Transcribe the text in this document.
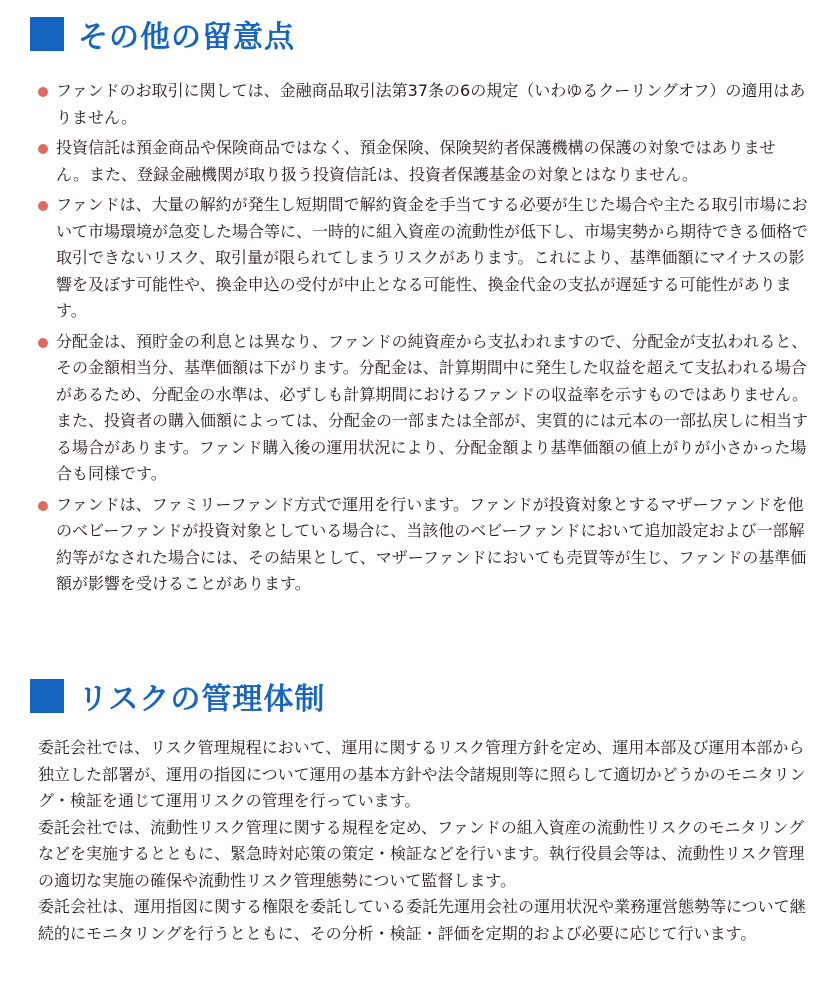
その他の留意点
ファンドのお取引に関しては、金融商品取引法第37条の6の規定（いわゆるクーリングオフ）の適用はありません。
投資信託は預金商品や保険商品ではなく、預金保険、保険契約者保護機構の保護の対象ではありません。また、登録金融機関が取り扱う投資信託は、投資者保護基金の対象とはなりません。
ファンドは、大量の解約が発生し短期間で解約資金を手当てする必要が生じた場合や主たる取引市場において市場環境が急変した場合等に、一時的に組入資産の流動性が低下し、市場実勢から期待できる価格で取引できないリスク、取引量が限られてしまうリスクがあります。これにより、基準価額にマイナスの影響を及ぼす可能性や、換金申込の受付が中止となる可能性、換金代金の支払が遅延する可能性があります。
分配金は、預貯金の利息とは異なり、ファンドの純資産から支払われますので、分配金が支払われると、その金額相当分、基準価額は下がります。分配金は、計算期間中に発生した収益を超えて支払われる場合があるため、分配金の水準は、必ずしも計算期間におけるファンドの収益率を示すものではありません。また、投資者の購入価額によっては、分配金の一部または全部が、実質的には元本の一部払戻しに相当する場合があります。ファンド購入後の運用状況により、分配金額より基準価額の値上がりが小さかった場合も同様です。
ファンドは、ファミリーファンド方式で運用を行います。ファンドが投資対象とするマザーファンドを他のベビーファンドが投資対象としている場合に、当該他のベビーファンドにおいて追加設定および一部解約等がなされた場合には、その結果として、マザーファンドにおいても売買等が生じ、ファンドの基準価額が影響を受けることがあります。
リスクの管理体制

委託会社では、リスク管理規程において、運用に関するリスク管理方針を定め、運用本部及び運用本部から独立した部署が、運用の指図について運用の基本方針や法令諸規則等に照らして適切かどうかのモニタリング・検証を通じて運用リスクの管理を行っています。

委託会社では、流動性リスク管理に関する規程を定め、ファンドの組入資産の流動性リスクのモニタリングなどを実施するとともに、緊急時対応策の策定・検証などを行います。執行役員会等は、流動性リスク管理の適切な実施の確保や流動性リスク管理態勢について監督します。

委託会社は、運用指図に関する権限を委託している委託先運用会社の運用状況や業務運営態勢等について継続的にモニタリングを行うとともに、その分析・検証・評価を定期的および必要に応じて行います。
